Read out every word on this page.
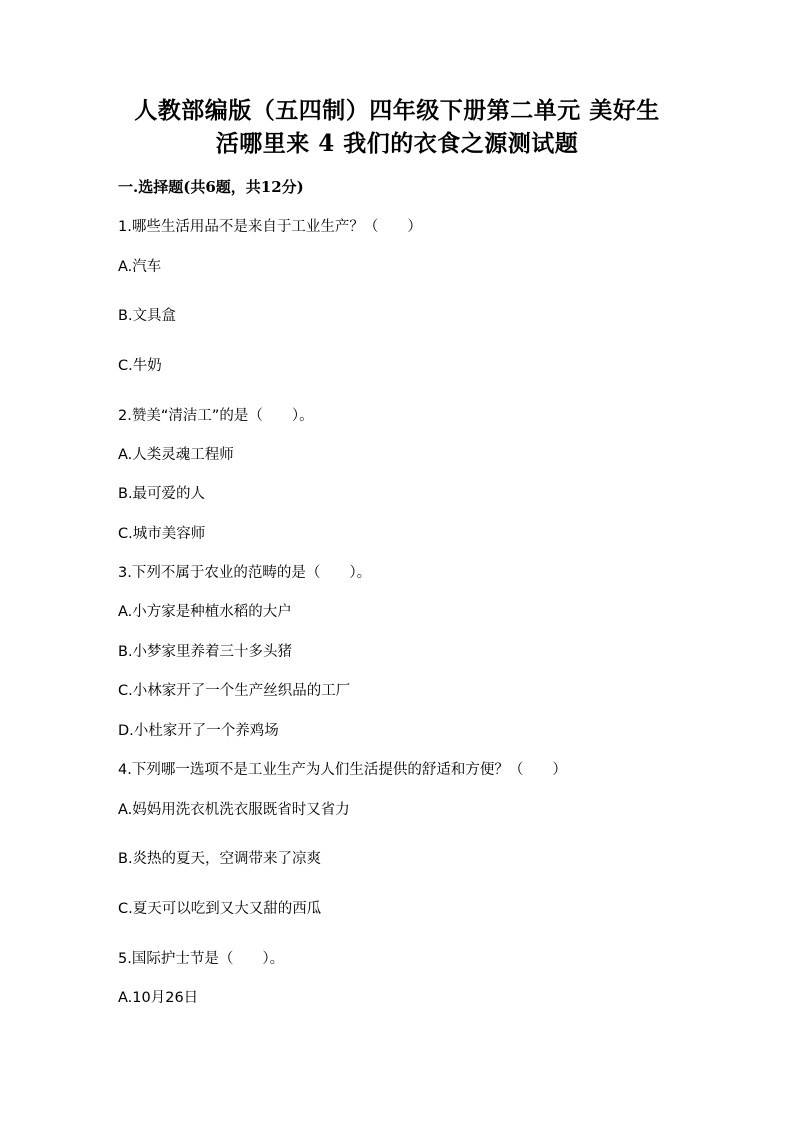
人教部编版（五四制）四年级下册第二单元 美好生
活哪里来 4 我们的衣食之源测试题
一.选择题(共6题，共12分)
1.哪些生活用品不是来自于工业生产？（　　）
A.汽车
B.文具盒
C.牛奶
2.赞美“清洁工”的是（　　）。
A.人类灵魂工程师
B.最可爱的人
C.城市美容师
3.下列不属于农业的范畴的是（　　）。
A.小方家是种植水稻的大户
B.小梦家里养着三十多头猪
C.小林家开了一个生产丝织品的工厂
D.小杜家开了一个养鸡场
4.下列哪一选项不是工业生产为人们生活提供的舒适和方便？（　　）
A.妈妈用洗衣机洗衣服既省时又省力
B.炎热的夏天，空调带来了凉爽
C.夏天可以吃到又大又甜的西瓜
5.国际护士节是（　　）。
A.10月26日
